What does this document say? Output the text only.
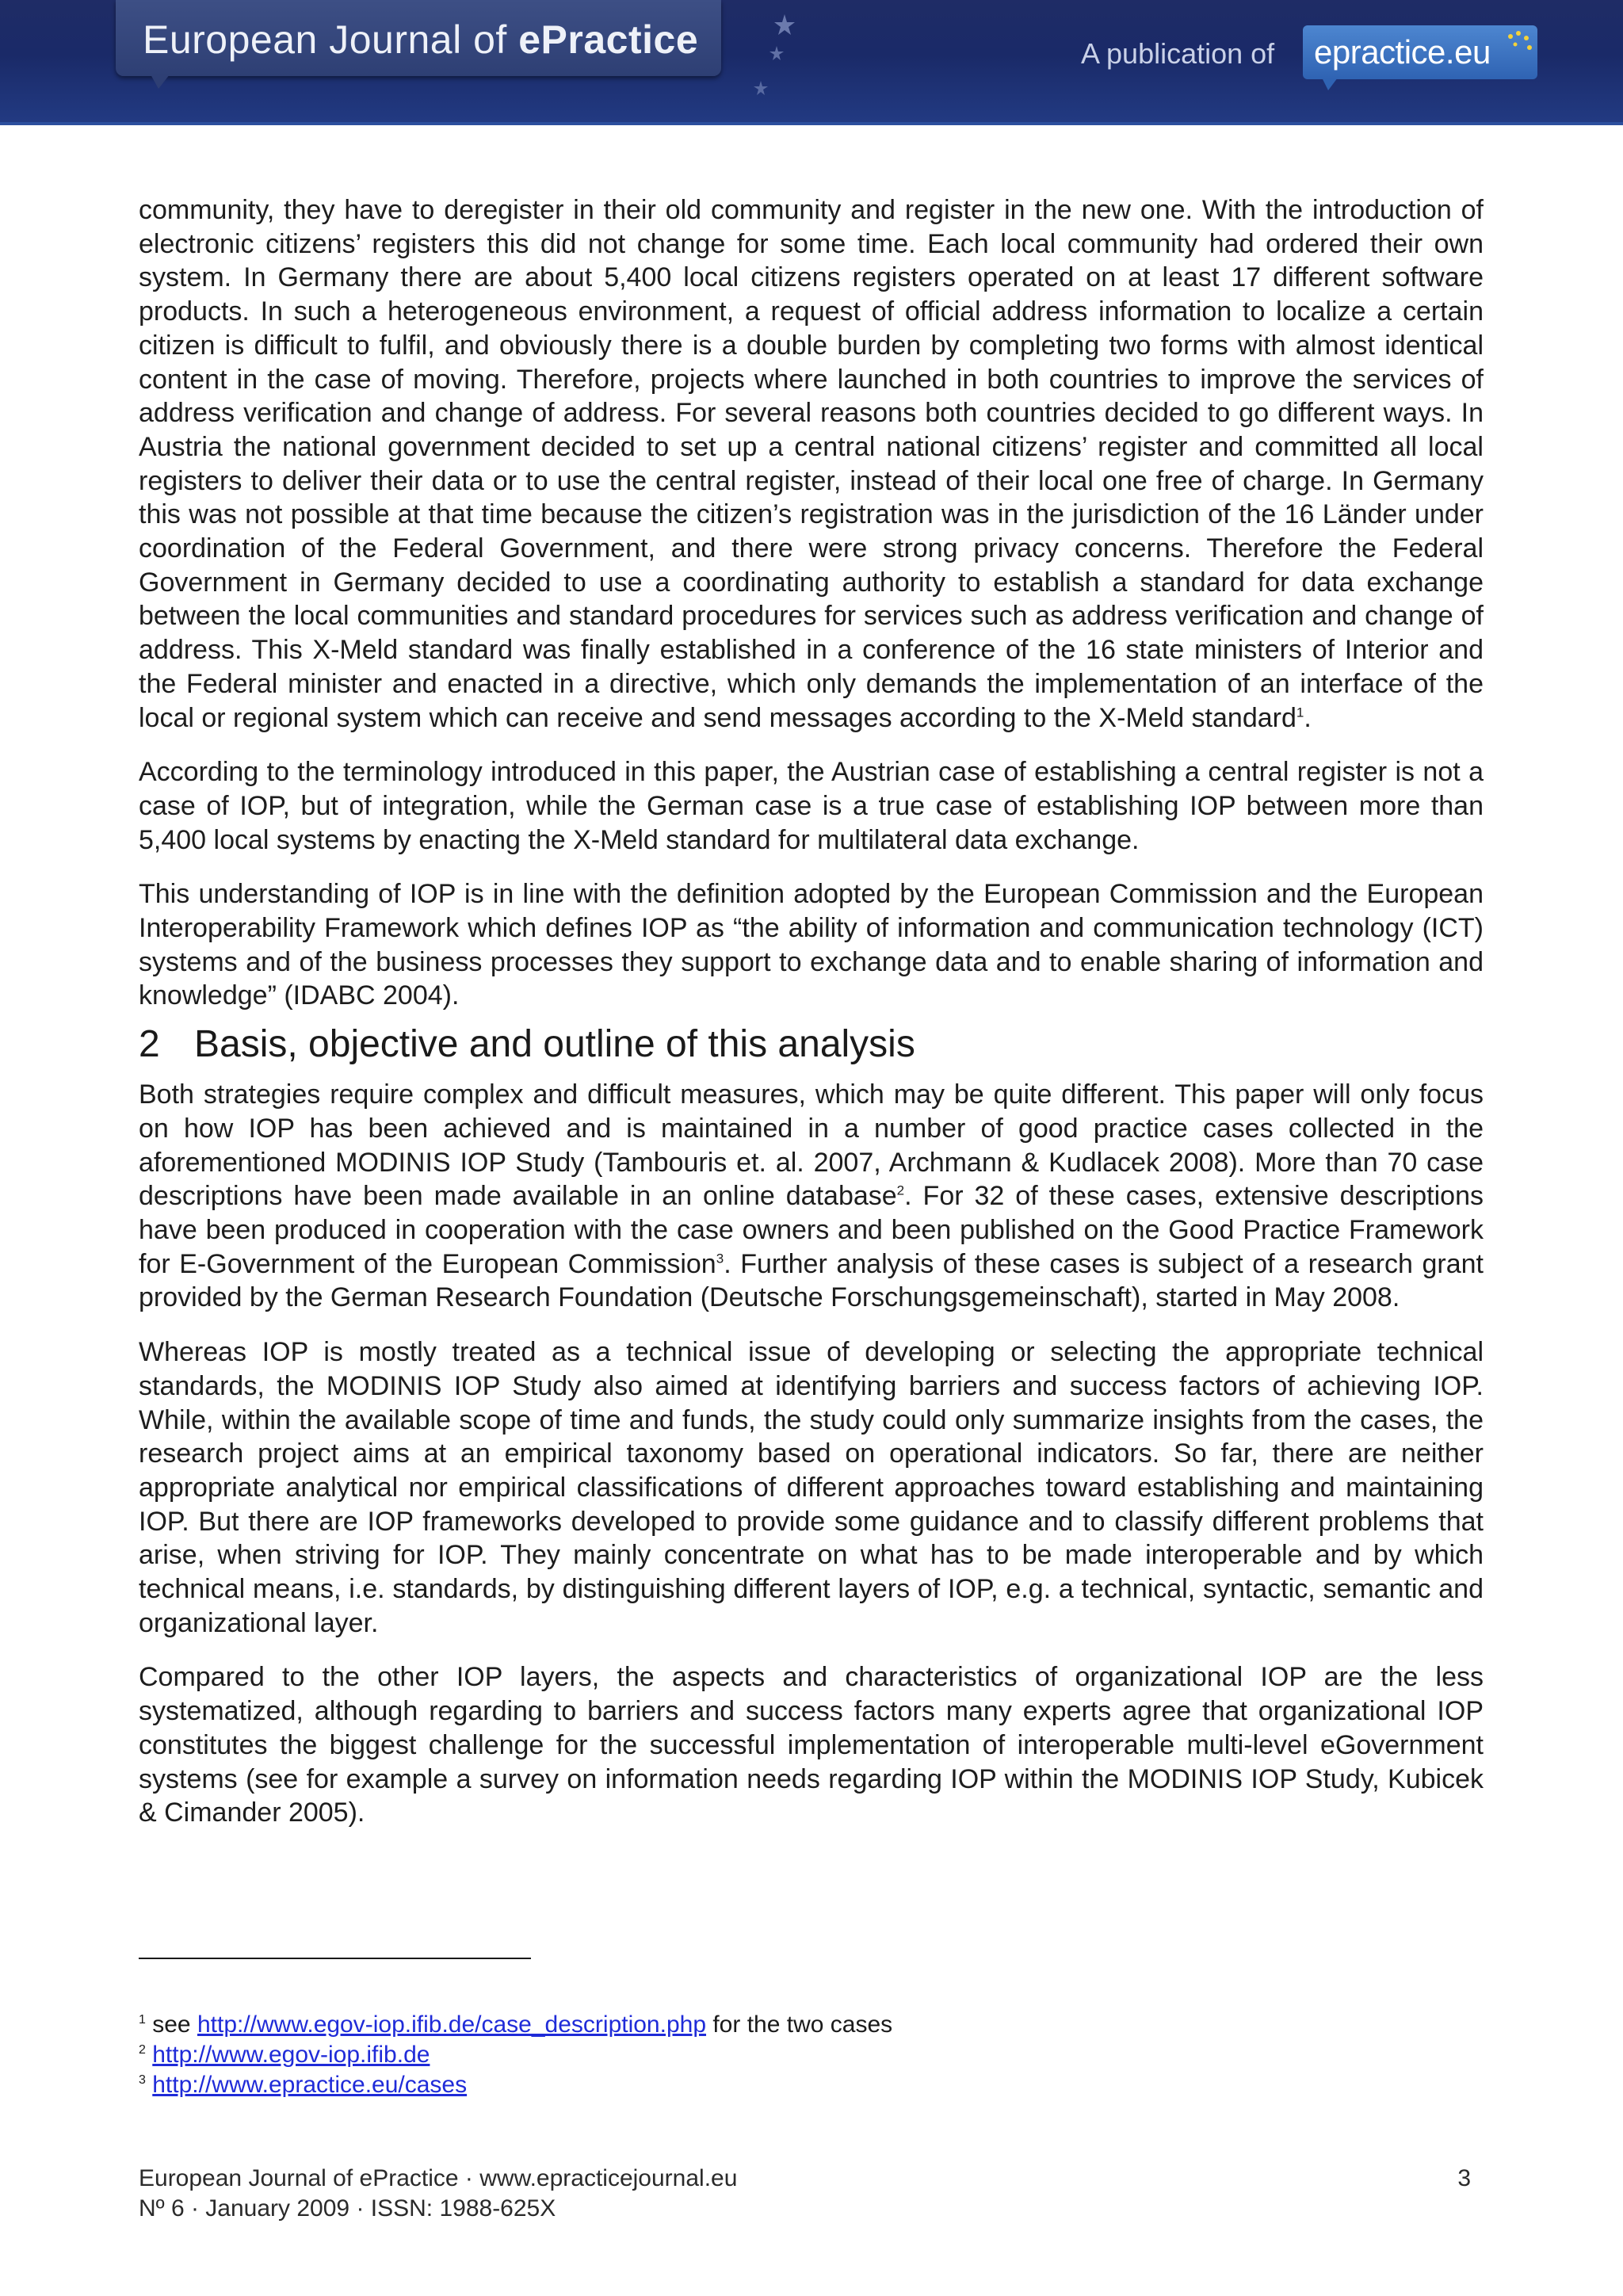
European Journal of ePractice	A publication of epractice.eu

community, they have to deregister in their old community and register in the new one. With the introduction of electronic citizens’ registers this did not change for some time. Each local community had ordered their own system. In Germany there are about 5,400 local citizens registers operated on at least 17 different software products. In such a heterogeneous environment, a request of official address information to localize a certain citizen is difficult to fulfil, and obviously there is a double burden by completing two forms with almost identical content in the case of moving. Therefore, projects where launched in both countries to improve the services of address verification and change of address. For several reasons both countries decided to go different ways. In Austria the national government decided to set up a central national citizens’ register and committed all local registers to deliver their data or to use the central register, instead of their local one free of charge. In Germany this was not possible at that time because the citizen’s registration was in the jurisdiction of the 16 Länder under coordination of the Federal Government, and there were strong privacy concerns. Therefore the Federal Government in Germany decided to use a coordinating authority to establish a standard for data exchange between the local communities and standard procedures for services such as address verification and change of address. This X-Meld standard was finally established in a conference of the 16 state ministers of Interior and the Federal minister and enacted in a directive, which only demands the implementation of an interface of the local or regional system which can receive and send messages according to the X-Meld standard$^1$.

According to the terminology introduced in this paper, the Austrian case of establishing a central register is not a case of IOP, but of integration, while the German case is a true case of establishing IOP between more than 5,400 local systems by enacting the X-Meld standard for multilateral data exchange.

This understanding of IOP is in line with the definition adopted by the European Commission and the European Interoperability Framework which defines IOP as “the ability of information and communication technology (ICT) systems and of the business processes they support to exchange data and to enable sharing of information and knowledge” (IDABC 2004).

2 Basis, objective and outline of this analysis

Both strategies require complex and difficult measures, which may be quite different. This paper will only focus on how IOP has been achieved and is maintained in a number of good practice cases collected in the aforementioned MODINIS IOP Study (Tambouris et. al. 2007, Archmann & Kudlacek 2008). More than 70 case descriptions have been made available in an online database$^2$. For 32 of these cases, extensive descriptions have been produced in cooperation with the case owners and been published on the Good Practice Framework for E-Government of the European Commission$^3$. Further analysis of these cases is subject of a research grant provided by the German Research Foundation (Deutsche Forschungsgemeinschaft), started in May 2008.

Whereas IOP is mostly treated as a technical issue of developing or selecting the appropriate technical standards, the MODINIS IOP Study also aimed at identifying barriers and success factors of achieving IOP. While, within the available scope of time and funds, the study could only summarize insights from the cases, the research project aims at an empirical taxonomy based on operational indicators. So far, there are neither appropriate analytical nor empirical classifications of different approaches toward establishing and maintaining IOP. But there are IOP frameworks developed to provide some guidance and to classify different problems that arise, when striving for IOP. They mainly concentrate on what has to be made interoperable and by which technical means, i.e. standards, by distinguishing different layers of IOP, e.g. a technical, syntactic, semantic and organizational layer.

Compared to the other IOP layers, the aspects and characteristics of organizational IOP are the less systematized, although regarding to barriers and success factors many experts agree that organizational IOP constitutes the biggest challenge for the successful implementation of interoperable multi-level eGovernment systems (see for example a survey on information needs regarding IOP within the MODINIS IOP Study, Kubicek & Cimander 2005).

$^1$ see http://www.egov-iop.ifib.de/case_description.php for the two cases
$^2$ http://www.egov-iop.ifib.de
$^3$ http://www.epractice.eu/cases
European Journal of ePractice · www.epracticejournal.eu
Nº 6 · January 2009 · ISSN: 1988-625X
3
